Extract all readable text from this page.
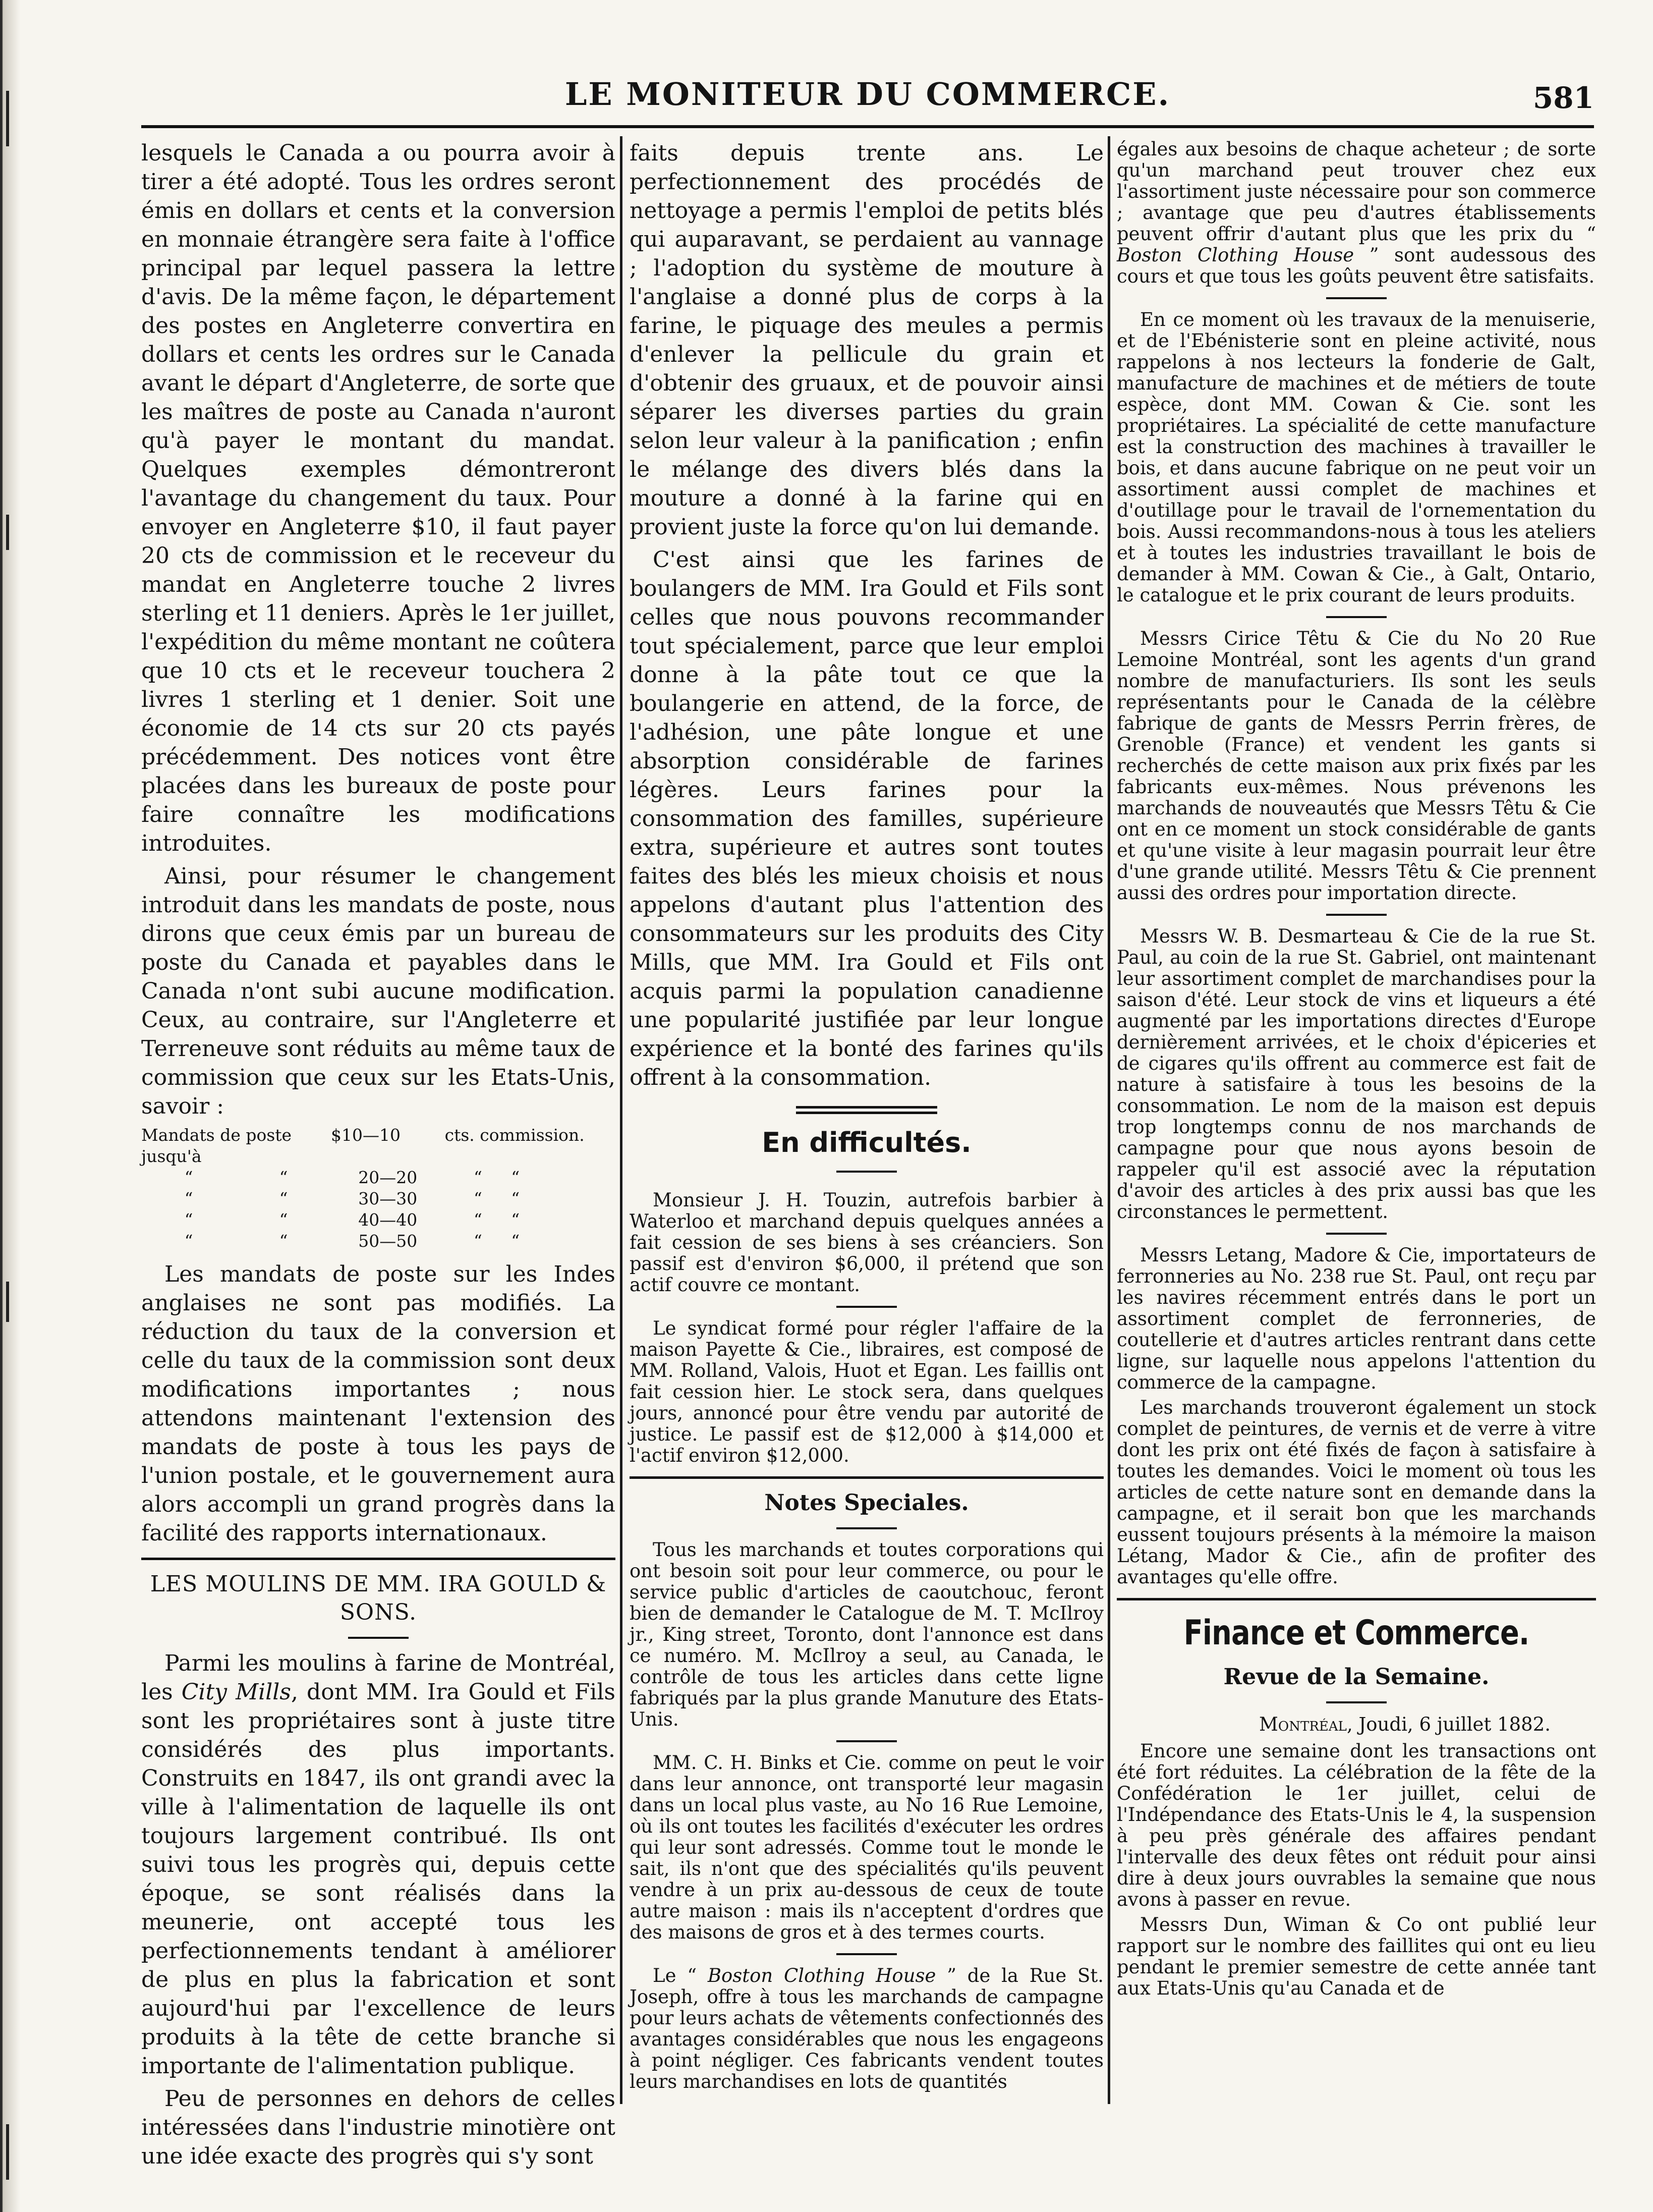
LE MONITEUR DU COMMERCE.	581

lesquels le Canada a ou pourra avoir à tirer a été adopté. Tous les ordres seront émis en dollars et cents et la conversion en monnaie étrangère sera faite à l'office principal par lequel passera la lettre d'avis. De la même façon, le département des postes en Angleterre convertira en dollars et cents les ordres sur le Canada avant le départ d'Angleterre, de sorte que les maîtres de poste au Canada n'auront qu'à payer le montant du mandat. Quelques exemples démontreront l'avantage du changement du taux. Pour envoyer en Angleterre $10, il faut payer 20 cts de commission et le receveur du mandat en Angleterre touche 2 livres sterling et 11 deniers. Après le 1er juillet, l'expédition du même montant ne coûtera que 10 cts et le receveur touchera 2 livres 1 sterling et 1 denier. Soit une économie de 14 cts sur 20 cts payés précédemment. Des notices vont être placées dans les bureaux de poste pour faire connaître les modifications introduites.

Ainsi, pour résumer le changement introduit dans les mandats de poste, nous dirons que ceux émis par un bureau de poste du Canada et payables dans le Canada n'ont subi aucune modification. Ceux, au contraire, sur l'Angleterre et Terreneuve sont réduits au même taux de commission que ceux sur les Etats-Unis, savoir :

Mandats de poste jusqu'à		$10—10	cts. commission.	
“	“	20—20	“	“
“	“	30—30	“	“
“	“	40—40	“	“
“	“	50—50	“	“

Les mandats de poste sur les Indes anglaises ne sont pas modifiés. La réduction du taux de la conversion et celle du taux de la commission sont deux modifications importantes ; nous attendons maintenant l'extension des mandats de poste à tous les pays de l'union postale, et le gouvernement aura alors accompli un grand progrès dans la facilité des rapports internationaux.

LES MOULINS DE MM. IRA GOULD & SONS.

Parmi les moulins à farine de Montréal, les City Mills, dont MM. Ira Gould et Fils sont les propriétaires sont à juste titre considérés des plus importants. Construits en 1847, ils ont grandi avec la ville à l'alimentation de laquelle ils ont toujours largement contribué. Ils ont suivi tous les progrès qui, depuis cette époque, se sont réalisés dans la meunerie, ont accepté tous les perfectionnements tendant à améliorer de plus en plus la fabrication et sont aujourd'hui par l'excellence de leurs produits à la tête de cette branche si importante de l'alimentation publique.

Peu de personnes en dehors de celles intéressées dans l'industrie minotière ont une idée exacte des progrès qui s'y sont

faits depuis trente ans. Le perfectionnement des procédés de nettoyage a permis l'emploi de petits blés qui auparavant, se perdaient au vannage ; l'adoption du système de mouture à l'anglaise a donné plus de corps à la farine, le piquage des meules a permis d'enlever la pellicule du grain et d'obtenir des gruaux, et de pouvoir ainsi séparer les diverses parties du grain selon leur valeur à la panification ; enfin le mélange des divers blés dans la mouture a donné à la farine qui en provient juste la force qu'on lui demande.

C'est ainsi que les farines de boulangers de MM. Ira Gould et Fils sont celles que nous pouvons recommander tout spécialement, parce que leur emploi donne à la pâte tout ce que la boulangerie en attend, de la force, de l'adhésion, une pâte longue et une absorption considérable de farines légères. Leurs farines pour la consommation des familles, supérieure extra, supérieure et autres sont toutes faites des blés les mieux choisis et nous appelons d'autant plus l'attention des consommateurs sur les produits des City Mills, que MM. Ira Gould et Fils ont acquis parmi la population canadienne une popularité justifiée par leur longue expérience et la bonté des farines qu'ils offrent à la consommation.

En difficultés.

Monsieur J. H. Touzin, autrefois barbier à Waterloo et marchand depuis quelques années a fait cession de ses biens à ses créanciers. Son passif est d'environ $6,000, il prétend que son actif couvre ce montant.

Le syndicat formé pour régler l'affaire de la maison Payette & Cie., libraires, est composé de MM. Rolland, Valois, Huot et Egan. Les faillis ont fait cession hier. Le stock sera, dans quelques jours, annoncé pour être vendu par autorité de justice. Le passif est de $12,000 à $14,000 et l'actif environ $12,000.

Notes Speciales.

Tous les marchands et toutes corporations qui ont besoin soit pour leur commerce, ou pour le service public d'articles de caoutchouc, feront bien de demander le Catalogue de M. T. McIlroy jr., King street, Toronto, dont l'annonce est dans ce numéro. M. McIlroy a seul, au Canada, le contrôle de tous les articles dans cette ligne fabriqués par la plus grande Manuture des Etats-Unis.

MM. C. H. Binks et Cie. comme on peut le voir dans leur annonce, ont transporté leur magasin dans un local plus vaste, au No 16 Rue Lemoine, où ils ont toutes les facilités d'exécuter les ordres qui leur sont adressés. Comme tout le monde le sait, ils n'ont que des spécialités qu'ils peuvent vendre à un prix au-dessous de ceux de toute autre maison : mais ils n'acceptent d'ordres que des maisons de gros et à des termes courts.

Le “ Boston Clothing House ” de la Rue St. Joseph, offre à tous les marchands de campagne pour leurs achats de vêtements confectionnés des avantages considérables que nous les engageons à point négliger. Ces fabricants vendent toutes leurs marchandises en lots de quantités

égales aux besoins de chaque acheteur ; de sorte qu'un marchand peut trouver chez eux l'assortiment juste nécessaire pour son commerce ; avantage que peu d'autres établissements peuvent offrir d'autant plus que les prix du “ Boston Clothing House ” sont audessous des cours et que tous les goûts peuvent être satisfaits.

En ce moment où les travaux de la menuiserie, et de l'Ebénisterie sont en pleine activité, nous rappelons à nos lecteurs la fonderie de Galt, manufacture de machines et de métiers de toute espèce, dont MM. Cowan & Cie. sont les propriétaires. La spécialité de cette manufacture est la construction des machines à travailler le bois, et dans aucune fabrique on ne peut voir un assortiment aussi complet de machines et d'outillage pour le travail de l'ornementation du bois. Aussi recommandons-nous à tous les ateliers et à toutes les industries travaillant le bois de demander à MM. Cowan & Cie., à Galt, Ontario, le catalogue et le prix courant de leurs produits.

Messrs Cirice Têtu & Cie du No 20 Rue Lemoine Montréal, sont les agents d'un grand nombre de manufacturiers. Ils sont les seuls représentants pour le Canada de la célèbre fabrique de gants de Messrs Perrin frères, de Grenoble (France) et vendent les gants si recherchés de cette maison aux prix fixés par les fabricants eux-mêmes. Nous prévenons les marchands de nouveautés que Messrs Têtu & Cie ont en ce moment un stock considérable de gants et qu'une visite à leur magasin pourrait leur être d'une grande utilité. Messrs Têtu & Cie prennent aussi des ordres pour importation directe.

Messrs W. B. Desmarteau & Cie de la rue St. Paul, au coin de la rue St. Gabriel, ont maintenant leur assortiment complet de marchandises pour la saison d'été. Leur stock de vins et liqueurs a été augmenté par les importations directes d'Europe dernièrement arrivées, et le choix d'épiceries et de cigares qu'ils offrent au commerce est fait de nature à satisfaire à tous les besoins de la consommation. Le nom de la maison est depuis trop longtemps connu de nos marchands de campagne pour que nous ayons besoin de rappeler qu'il est associé avec la réputation d'avoir des articles à des prix aussi bas que les circonstances le permettent.

Messrs Letang, Madore & Cie, importateurs de ferronneries au No. 238 rue St. Paul, ont reçu par les navires récemment entrés dans le port un assortiment complet de ferronneries, de coutellerie et d'autres articles rentrant dans cette ligne, sur laquelle nous appelons l'attention du commerce de la campagne.

Les marchands trouveront également un stock complet de peintures, de vernis et de verre à vitre dont les prix ont été fixés de façon à satisfaire à toutes les demandes. Voici le moment où tous les articles de cette nature sont en demande dans la campagne, et il serait bon que les marchands eussent toujours présents à la mémoire la maison Létang, Mador & Cie., afin de profiter des avantages qu'elle offre.

Finance et Commerce.
Revue de la Semaine.
Montréal, Joudi, 6 juillet 1882.

Encore une semaine dont les transactions ont été fort réduites. La célébration de la fête de la Confédération le 1er juillet, celui de l'Indépendance des Etats-Unis le 4, la suspension à peu près générale des affaires pendant l'intervalle des deux fêtes ont réduit pour ainsi dire à deux jours ouvrables la semaine que nous avons à passer en revue.

Messrs Dun, Wiman & Co ont publié leur rapport sur le nombre des faillites qui ont eu lieu pendant le premier semestre de cette année tant aux Etats-Unis qu'au Canada et de
